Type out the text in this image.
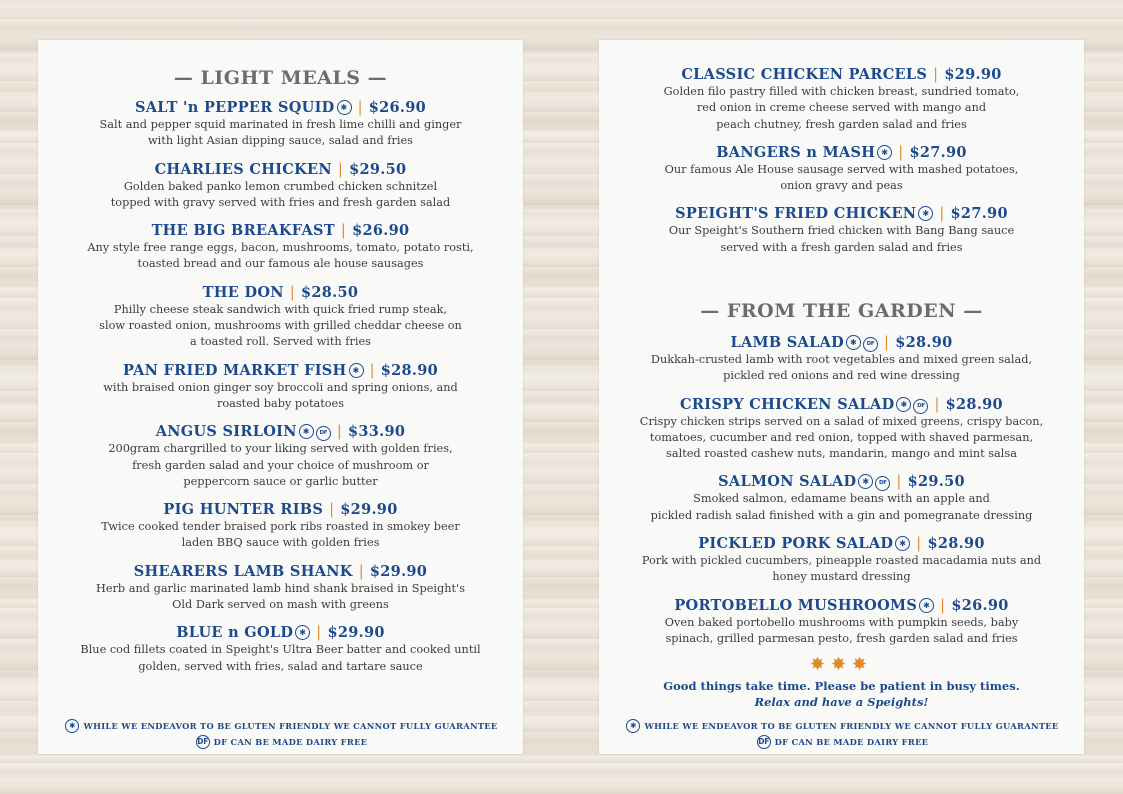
— LIGHT MEALS —
SALT 'n PEPPER SQUID ✱ | $26.90
Salt and pepper squid marinated in fresh lime chilli and ginger
with light Asian dipping sauce, salad and fries
CHARLIES CHICKEN | $29.50
Golden baked panko lemon crumbed chicken schnitzel
topped with gravy served with fries and fresh garden salad
THE BIG BREAKFAST | $26.90
Any style free range eggs, bacon, mushrooms, tomato, potato rosti,
toasted bread and our famous ale house sausages
THE DON | $28.50
Philly cheese steak sandwich with quick fried rump steak,
slow roasted onion, mushrooms with grilled cheddar cheese on
a toasted roll. Served with fries
PAN FRIED MARKET FISH ✱ | $28.90
with braised onion ginger soy broccoli and spring onions, and
roasted baby potatoes
ANGUS SIRLOIN ✱ DF | $33.90
200gram chargrilled to your liking served with golden fries,
fresh garden salad and your choice of mushroom or
peppercorn sauce or garlic butter
PIG HUNTER RIBS | $29.90
Twice cooked tender braised pork ribs roasted in smokey beer
laden BBQ sauce with golden fries
SHEARERS LAMB SHANK | $29.90
Herb and garlic marinated lamb hind shank braised in Speight's
Old Dark served on mash with greens
BLUE n GOLD ✱ | $29.90
Blue cod fillets coated in Speight's Ultra Beer batter and cooked until
golden, served with fries, salad and tartare sauce
✱ WHILE WE ENDEAVOR TO BE GLUTEN FRIENDLY WE CANNOT FULLY GUARANTEE
DF DF CAN BE MADE DAIRY FREE
CLASSIC CHICKEN PARCELS | $29.90
Golden filo pastry filled with chicken breast, sundried tomato,
red onion in creme cheese served with mango and
peach chutney, fresh garden salad and fries
BANGERS n MASH ✱ | $27.90
Our famous Ale House sausage served with mashed potatoes,
onion gravy and peas
SPEIGHT'S FRIED CHICKEN ✱ | $27.90
Our Speight's Southern fried chicken with Bang Bang sauce
served with a fresh garden salad and fries
— FROM THE GARDEN —
LAMB SALAD ✱ DF | $28.90
Dukkah-crusted lamb with root vegetables and mixed green salad,
pickled red onions and red wine dressing
CRISPY CHICKEN SALAD ✱ DF | $28.90
Crispy chicken strips served on a salad of mixed greens, crispy bacon,
tomatoes, cucumber and red onion, topped with shaved parmesan,
salted roasted cashew nuts, mandarin, mango and mint salsa
SALMON SALAD ✱ DF | $29.50
Smoked salmon, edamame beans with an apple and
pickled radish salad finished with a gin and pomegranate dressing
PICKLED PORK SALAD ✱ | $28.90
Pork with pickled cucumbers, pineapple roasted macadamia nuts and
honey mustard dressing
PORTOBELLO MUSHROOMS ✱ | $26.90
Oven baked portobello mushrooms with pumpkin seeds, baby
spinach, grilled parmesan pesto, fresh garden salad and fries
✸✸✸
Good things take time. Please be patient in busy times.
Relax and have a Speights!
✱ WHILE WE ENDEAVOR TO BE GLUTEN FRIENDLY WE CANNOT FULLY GUARANTEE
DF DF CAN BE MADE DAIRY FREE
